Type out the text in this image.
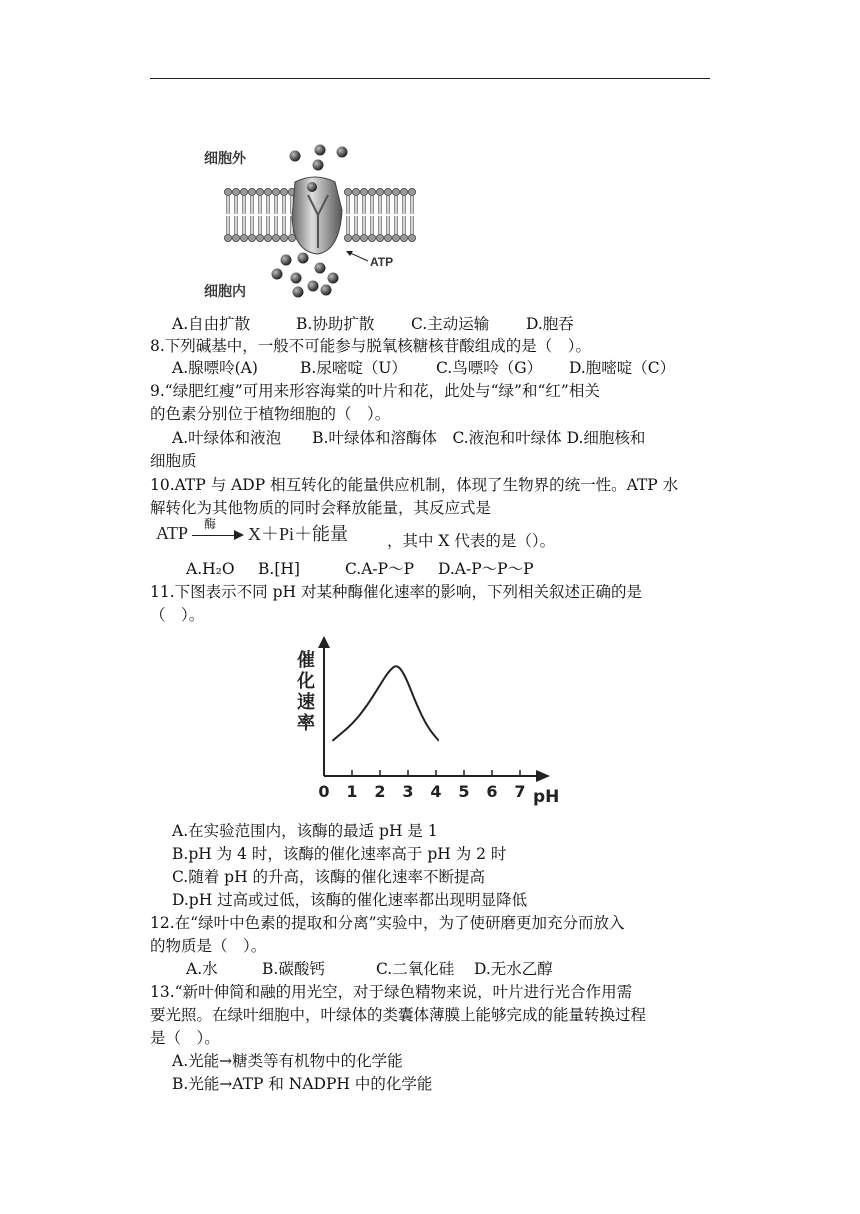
ATP
细胞外
细胞内
A.自由扩散	B.协助扩散 C.主动运输 D.胞吞
8.下列碱基中，一般不可能参与脱氧核糖核苷酸组成的是（　）。
A.腺嘌呤(A)	B.尿嘧啶（U） C.鸟嘌呤（G） D.胞嘧啶（C）
9.“绿肥红瘦”可用来形容海棠的叶片和花，此处与“绿”和“红”相关
的色素分别位于植物细胞的（　）。
A.叶绿体和液泡　　B.叶绿体和溶酶体　C.液泡和叶绿体 D.细胞核和
细胞质
10.ATP 与 ADP 相互转化的能量供应机制，体现了生物界的统一性。ATP 水
解转化为其他物质的同时会释放能量，其反应式是
ATP 酶 X＋Pi＋能量	，其中 X 代表的是（）。
A.H₂O B.[H]	C.A-P～P D.A-P～P～P
11.下图表示不同 pH 对某种酶催化速率的影响，下列相关叙述正确的是
（　）。
催化速率
0 1 2 3 4 5 6 7 pH
A.在实验范围内，该酶的最适 pH 是 1
B.pH 为 4 时，该酶的催化速率高于 pH 为 2 时
C.随着 pH 的升高，该酶的催化速率不断提高
D.pH 过高或过低，该酶的催化速率都出现明显降低
12.在“绿叶中色素的提取和分离”实验中，为了使研磨更加充分而放入
的物质是（　）。
A.水	B.碳酸钙	C.二氧化硅 D.无水乙醇
13.“新叶伸简和融的用光空，对于绿色精物来说，叶片进行光合作用需
要光照。在绿叶细胞中，叶绿体的类囊体薄膜上能够完成的能量转换过程
是（　）。
A.光能→糖类等有机物中的化学能
B.光能→ATP 和 NADPH 中的化学能
